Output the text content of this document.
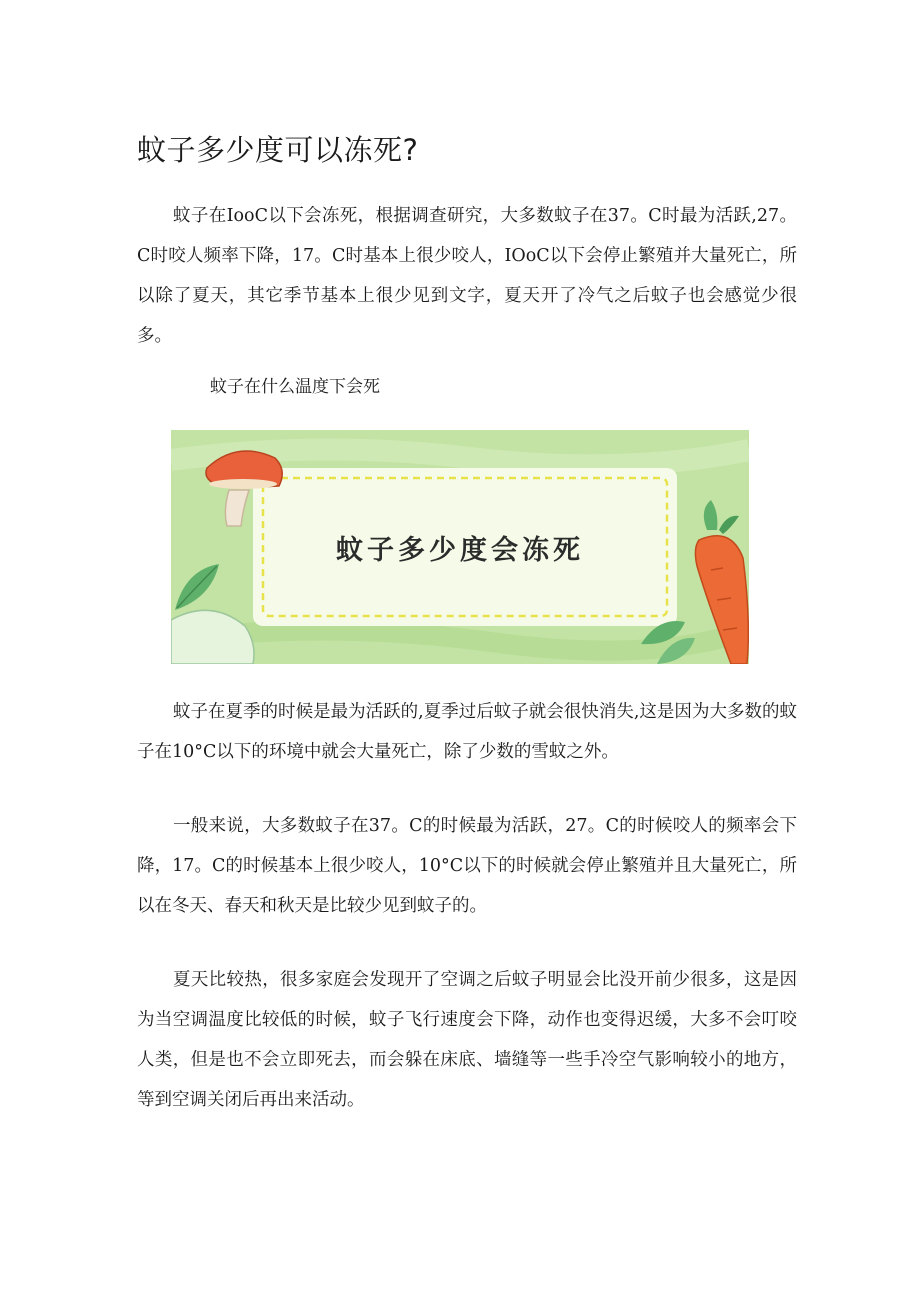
蚊子多少度可以冻死?

蚊子在IooC以下会冻死，根据调查研究，大多数蚊子在37。C时最为活跃,27。C时咬人频率下降，17。C时基本上很少咬人，IOoC以下会停止繁殖并大量死亡，所以除了夏天，其它季节基本上很少见到文字，夏天开了冷气之后蚊子也会感觉少很多。

蚊子在什么温度下会死

蚊子多少度会冻死

蚊子在夏季的时候是最为活跃的,夏季过后蚊子就会很快消失,这是因为大多数的蚊子在10°C以下的环境中就会大量死亡，除了少数的雪蚊之外。

一般来说，大多数蚊子在37。C的时候最为活跃，27。C的时候咬人的频率会下降，17。C的时候基本上很少咬人，10°C以下的时候就会停止繁殖并且大量死亡，所以在冬天、春天和秋天是比较少见到蚊子的。

夏天比较热，很多家庭会发现开了空调之后蚊子明显会比没开前少很多，这是因为当空调温度比较低的时候，蚊子飞行速度会下降，动作也变得迟缓，大多不会叮咬人类，但是也不会立即死去，而会躲在床底、墙缝等一些手冷空气影响较小的地方，等到空调关闭后再出来活动。
